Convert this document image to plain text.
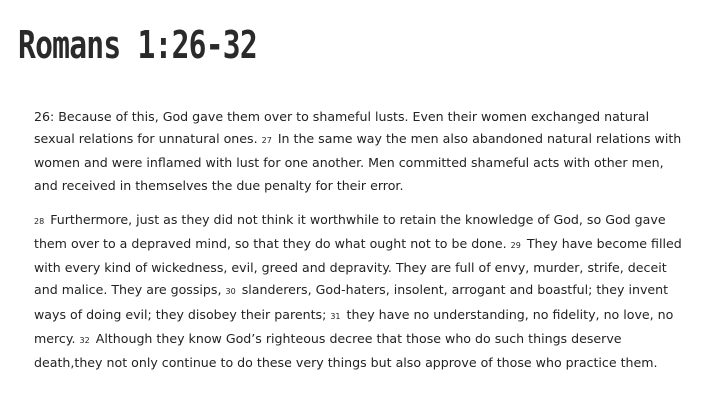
Romans 1:26-32

26: Because of this, God gave them over to shameful lusts. Even their women exchanged natural sexual relations for unnatural ones. 27 In the same way the men also abandoned natural relations with women and were inflamed with lust for one another. Men committed shameful acts with other men, and received in themselves the due penalty for their error.

28 Furthermore, just as they did not think it worthwhile to retain the knowledge of God, so God gave them over to a depraved mind, so that they do what ought not to be done. 29 They have become filled with every kind of wickedness, evil, greed and depravity. They are full of envy, murder, strife, deceit and malice. They are gossips, 30 slanderers, God-haters, insolent, arrogant and boastful; they invent ways of doing evil; they disobey their parents; 31 they have no understanding, no fidelity, no love, no mercy. 32 Although they know God’s righteous decree that those who do such things deserve death,they not only continue to do these very things but also approve of those who practice them.
